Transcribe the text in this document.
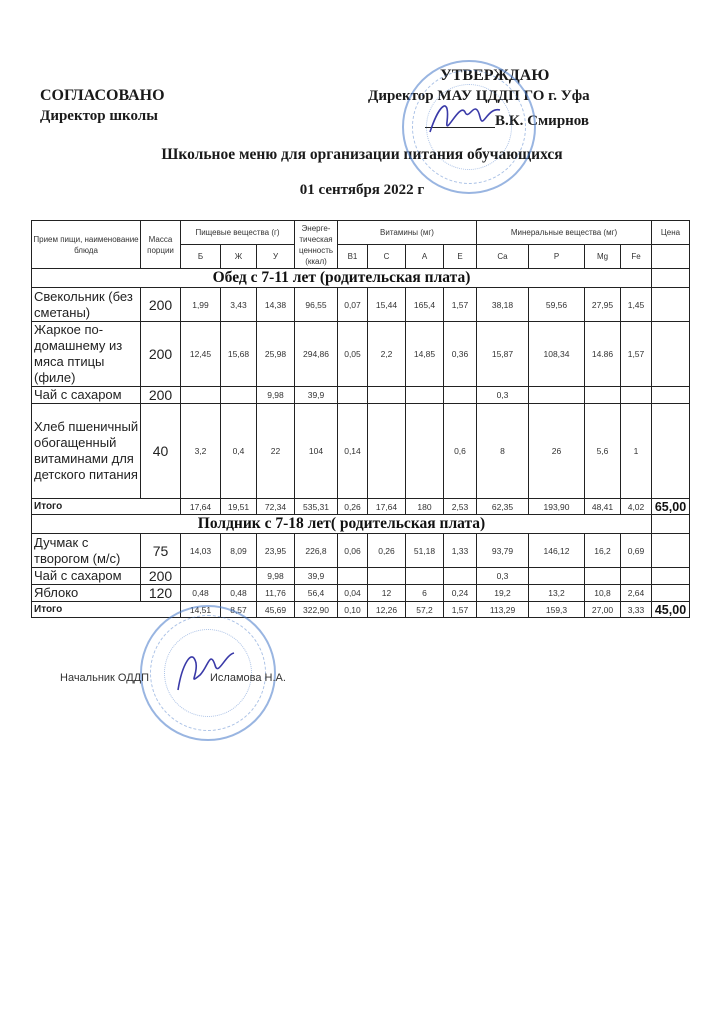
СОГЛАСОВАНО
Директор школы
УТВЕРЖДАЮ
Директор МАУ ЦДДП ГО г. Уфа
В.К. Смирнов
Школьное меню для организации питания обучающихся
01 сентября 2022 г
Прием пищи, наименование блюда	Масса порции	Пищевые вещества (г)			Энерге-тическая ценность (ккал)	Витамины (мг)				Минеральные вещества (мг)				Цена
		Б	Ж	У		B1	C	A	E	Ca	P	Mg	Fe	
Обед с 7-11 лет (родительская плата)														
Свекольник (без сметаны)	200	1,99	3,43	14,38	96,55	0,07	15,44	165,4	1,57	38,18	59,56	27,95	1,45	
Жаркое по-домашнему из мяса птицы (филе)	200	12,45	15,68	25,98	294,86	0,05	2,2	14,85	0,36	15,87	108,34	14.86	1,57	
Чай с сахаром	200			9,98	39,9					0,3				
Хлеб пшеничный обогащенный витаминами для детского питания	40	3,2	0,4	22	104	0,14			0,6	8	26	5,6	1	
Итого		17,64	19,51	72,34	535,31	0,26	17,64	180	2,53	62,35	193,90	48,41	4,02	65,00
Полдник с 7-18 лет( родительская плата)														
Дучмак с творогом (м/с)	75	14,03	8,09	23,95	226,8	0,06	0,26	51,18	1,33	93,79	146,12	16,2	0,69	
Чай с сахаром	200			9,98	39,9					0,3				
Яблоко	120	0,48	0,48	11,76	56,4	0,04	12	6	0,24	19,2	13,2	10,8	2,64	
Итого		14,51	8,57	45,69	322,90	0,10	12,26	57,2	1,57	113,29	159,3	27,00	3,33	45,00
Начальник ОДДП	Исламова Н.А.
